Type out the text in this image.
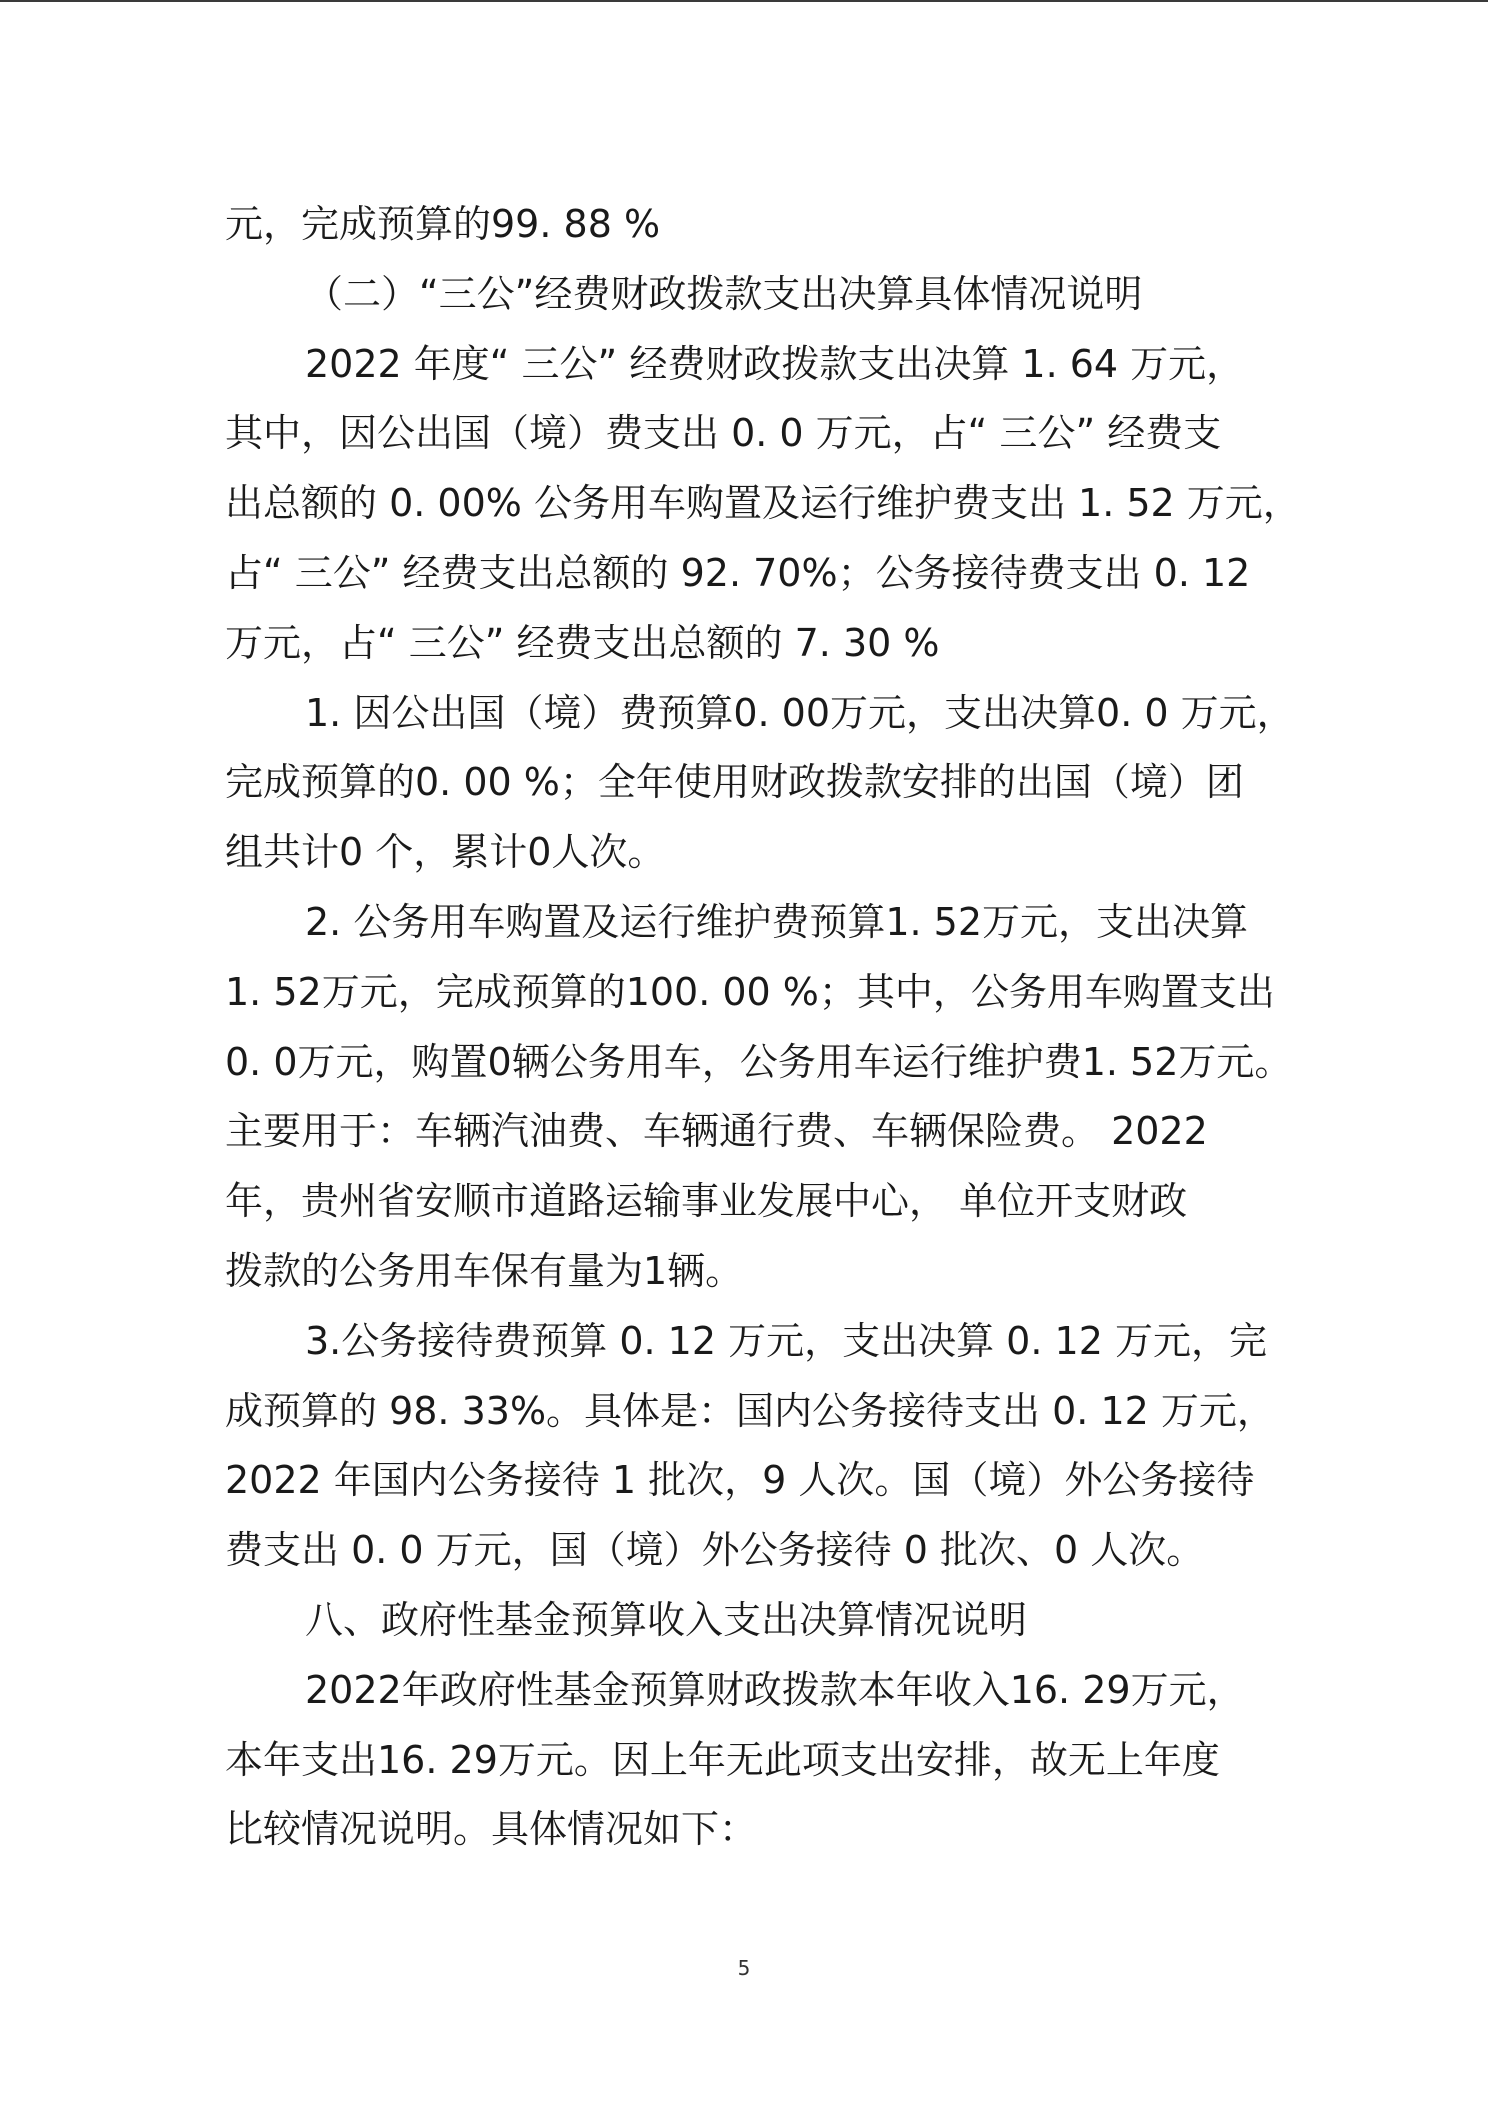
元，完成预算的99. 88 %
（二）“三公”经费财政拨款支出决算具体情况说明
2022 年度“ 三公” 经费财政拨款支出决算 1. 64 万元，
其中，因公出国（境）费支出 0. 0 万元，占“ 三公” 经费支
出总额的 0. 00% 公务用车购置及运行维护费支出 1. 52 万元，
占“ 三公” 经费支出总额的 92. 70%；公务接待费支出 0. 12
万元，占“ 三公” 经费支出总额的 7. 30 %
1. 因公出国（境）费预算0. 00万元，支出决算0. 0 万元，
完成预算的0. 00 %；全年使用财政拨款安排的出国（境）团
组共计0 个，累计0人次。
2. 公务用车购置及运行维护费预算1. 52万元，支出决算
1. 52万元，完成预算的100. 00 %；其中，公务用车购置支出
0. 0万元，购置0辆公务用车，公务用车运行维护费1. 52万元。
主要用于：车辆汽油费、车辆通行费、车辆保险费。 2022
年，贵州省安顺市道路运输事业发展中心， 单位开支财政
拨款的公务用车保有量为1辆。
3.公务接待费预算 0. 12 万元，支出决算 0. 12 万元，完
成预算的 98. 33%。具体是：国内公务接待支出 0. 12 万元，
2022 年国内公务接待 1 批次，9 人次。国（境）外公务接待
费支出 0. 0 万元，国（境）外公务接待 0 批次、0 人次。
八、政府性基金预算收入支出决算情况说明
2022年政府性基金预算财政拨款本年收入16. 29万元，
本年支出16. 29万元。因上年无此项支出安排，故无上年度
比较情况说明。具体情况如下：
5
